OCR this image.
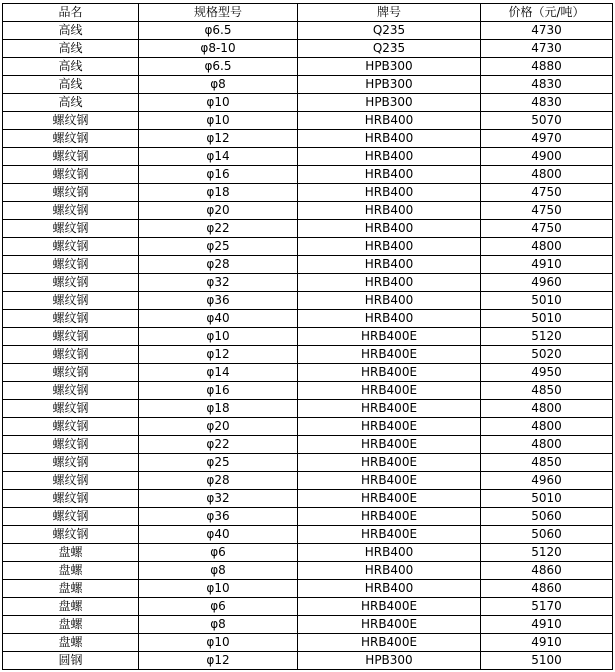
品名	规格型号	牌号	价格（元/吨）
高线	φ6.5	Q235	4730
高线	φ8-10	Q235	4730
高线	φ6.5	HPB300	4880
高线	φ8	HPB300	4830
高线	φ10	HPB300	4830
螺纹钢	φ10	HRB400	5070
螺纹钢	φ12	HRB400	4970
螺纹钢	φ14	HRB400	4900
螺纹钢	φ16	HRB400	4800
螺纹钢	φ18	HRB400	4750
螺纹钢	φ20	HRB400	4750
螺纹钢	φ22	HRB400	4750
螺纹钢	φ25	HRB400	4800
螺纹钢	φ28	HRB400	4910
螺纹钢	φ32	HRB400	4960
螺纹钢	φ36	HRB400	5010
螺纹钢	φ40	HRB400	5010
螺纹钢	φ10	HRB400E	5120
螺纹钢	φ12	HRB400E	5020
螺纹钢	φ14	HRB400E	4950
螺纹钢	φ16	HRB400E	4850
螺纹钢	φ18	HRB400E	4800
螺纹钢	φ20	HRB400E	4800
螺纹钢	φ22	HRB400E	4800
螺纹钢	φ25	HRB400E	4850
螺纹钢	φ28	HRB400E	4960
螺纹钢	φ32	HRB400E	5010
螺纹钢	φ36	HRB400E	5060
螺纹钢	φ40	HRB400E	5060
盘螺	φ6	HRB400	5120
盘螺	φ8	HRB400	4860
盘螺	φ10	HRB400	4860
盘螺	φ6	HRB400E	5170
盘螺	φ8	HRB400E	4910
盘螺	φ10	HRB400E	4910
圆钢	φ12	HPB300	5100
